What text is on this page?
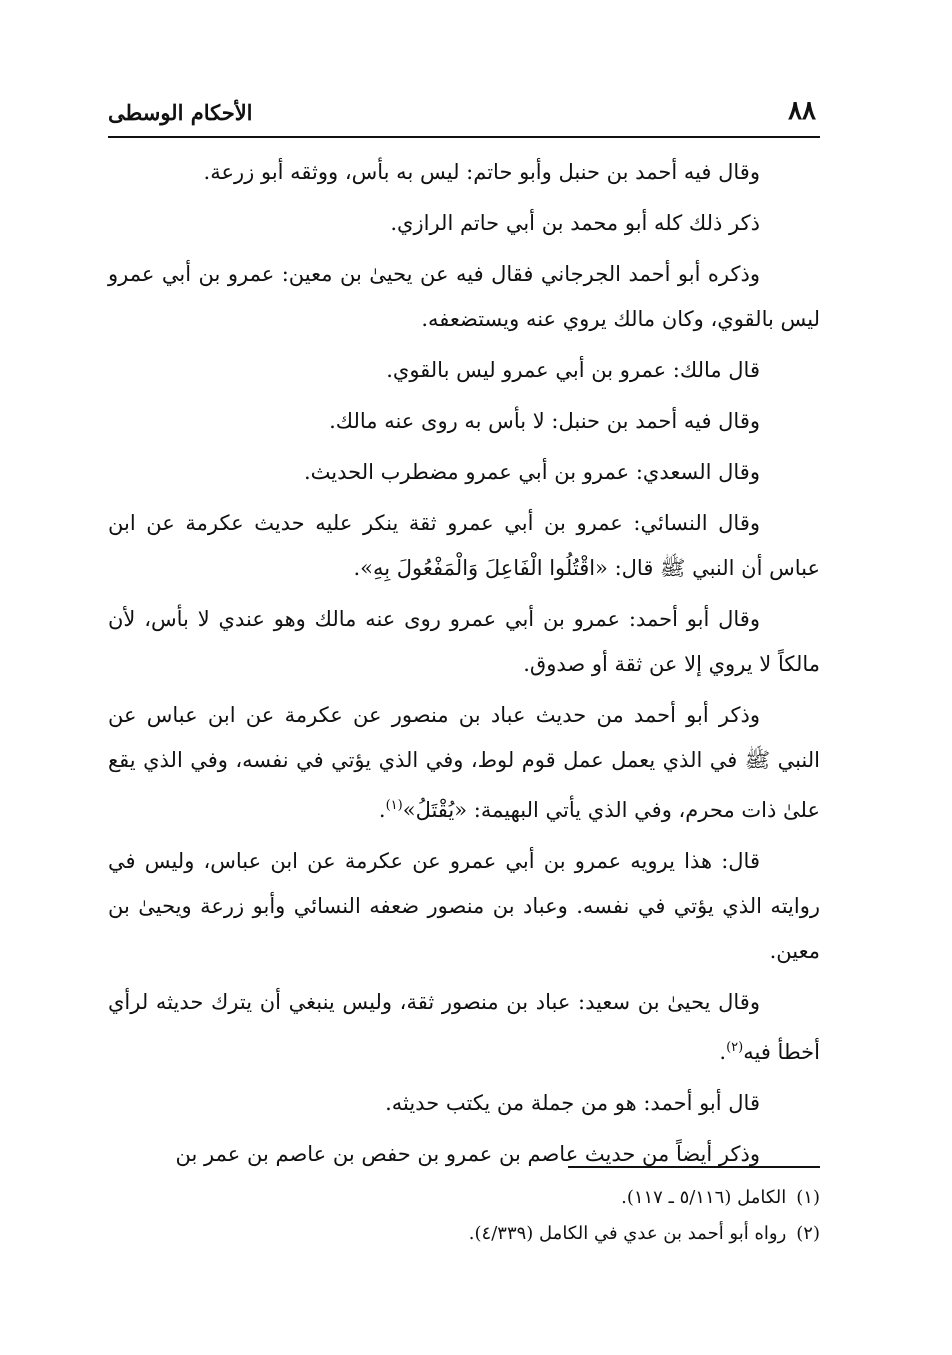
٨٨
الأحكام الوسطى

وقال فيه أحمد بن حنبل وأبو حاتم: ليس به بأس، ووثقه أبو زرعة.

ذكر ذلك كله أبو محمد بن أبي حاتم الرازي.

وذكره أبو أحمد الجرجاني فقال فيه عن يحيىٰ بن معين: عمرو بن أبي عمرو ليس بالقوي، وكان مالك يروي عنه ويستضعفه.

قال مالك: عمرو بن أبي عمرو ليس بالقوي.

وقال فيه أحمد بن حنبل: لا بأس به روى عنه مالك.

وقال السعدي: عمرو بن أبي عمرو مضطرب الحديث.

وقال النسائي: عمرو بن أبي عمرو ثقة ينكر عليه حديث عكرمة عن ابن عباس أن النبي ﷺ قال: «اقْتُلُوا الْفَاعِلَ وَالْمَفْعُولَ بِهِ».

وقال أبو أحمد: عمرو بن أبي عمرو روى عنه مالك وهو عندي لا بأس، لأن مالكاً لا يروي إلا عن ثقة أو صدوق.

وذكر أبو أحمد من حديث عباد بن منصور عن عكرمة عن ابن عباس عن النبي ﷺ في الذي يعمل عمل قوم لوط، وفي الذي يؤتي في نفسه، وفي الذي يقع علىٰ ذات محرم، وفي الذي يأتي البهيمة: «يُقْتَلُ»$^{(١)}$.

قال: هذا يرويه عمرو بن أبي عمرو عن عكرمة عن ابن عباس، وليس في روايته الذي يؤتي في نفسه. وعباد بن منصور ضعفه النسائي وأبو زرعة ويحيىٰ بن معين.

وقال يحيىٰ بن سعيد: عباد بن منصور ثقة، وليس ينبغي أن يترك حديثه لرأي أخطأ فيه$^{(٢)}$.

قال أبو أحمد: هو من جملة من يكتب حديثه.

وذكر أيضاً من حديث عاصم بن عمرو بن حفص بن عاصم بن عمر بن

(١)الكامل (٥/١١٦ ـ ١١٧).

(٢)رواه أبو أحمد بن عدي في الكامل (٤/٣٣٩).
